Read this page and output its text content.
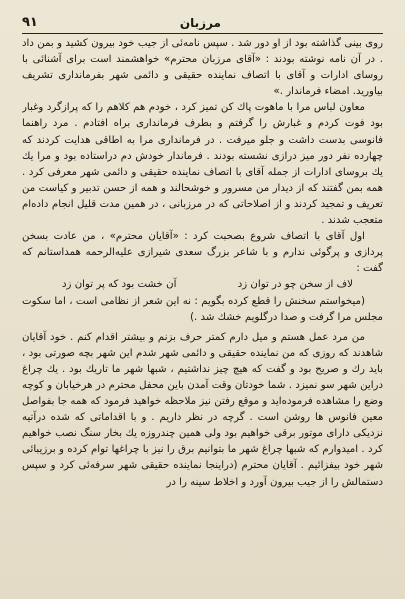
۹۱	مرزبان

روی بینی گذاشته بود از او دور شد . سپس نامه‌ئی از جیب خود بیرون کشید و بمن داد . در آن نامه نوشته بودند : «آقای مرزبان محترم» خواهشمند است برای آشنائی با روسای ادارات و آقای با اتصاف نماینده حقیقی و دائمی شهر بفرمانداری تشریف بیاورید. امضاء فرماندار .»

معاون لباس مرا با ماهوت پاك کن تمیز کرد ، خودم هم کلاهم را که پرازگرد وغبار بود فوت کردم و غبارش را گرفتم و بطرف فرمانداری براه افتادم . مرد راهنما فانوسی بدست داشت و جلو میرفت . در فرمانداری مرا به اطاقی هدایت کردند که چهارده نفر دور میز درازی نشسته بودند . فرماندار خودش دم دراستاده بود و مرا یك یك بروسای ادارات از جمله آقای با اتصاف نماینده حقیقی و دائمی شهر معرفی کرد . همه بمن گفتند که از دیدار من مسرور و خوشحالند و همه از حسن تدبیر و کیاست من تعریف و تمجید کردند و از اصلاحاتی که در مرزبانی ، در همین مدت قلیل انجام داده‌ام متعجب شدند .

اول آقای با اتصاف شروع‌ بصحبت کرد : «آقایان محترم» ، من عادت بسخن پردازی و پرگوئی ندارم و با شاعر بزرگ سعدی شیرازی علیه‌الرحمه همداستانم که گفت :

لاف از سخن چو در توان زد
آن خشت بود که پر توان زد

(میخواستم سخنش را قطع کرده بگویم : نه این شعر از نظامی است ، اما سکوت مجلس مرا گرفت و صدا درگلویم خشك شد .)

من مرد عمل هستم و میل دارم کمتر حرف بزنم و بیشتر اقدام کنم . خود آقایان شاهدند که روزی که من نماینده حقیقی و دائمی شهر شدم این شهر بچه صورتی بود ، باید رك و صریح بود و گفت که هیچ چیز نداشتیم ، شبها شهر ما تاریك بود . یك چراغ دراین شهر سو نمیزد . شما خودتان وقت آمدن باین محفل محترم در هرخیابان و کوچه وضع را مشاهده فرموده‌اید و موقع رفتن نیز ملاحظه خواهید فرمود که همه جا بفواصل معین فانوس ها روشن است . گرچه در نظر داریم . و با اقداماتی که شده درآتیه نزدیکی دارای موتور برقی خواهیم بود ولی همین چندروزه یك بخار سنگ نصب خواهیم کرد . امیدوارم که شبها چراغ شهر ما بتوانیم برق را نیز با چراغها توام کرده و برزیبائی شهر خود بیفزائیم . آقایان محترم (دراینجا نماینده حقیقی شهر سرفه‌ئی کرد و سپس دستمالش را از جیب بیرون آورد و اخلاط سینه را در
